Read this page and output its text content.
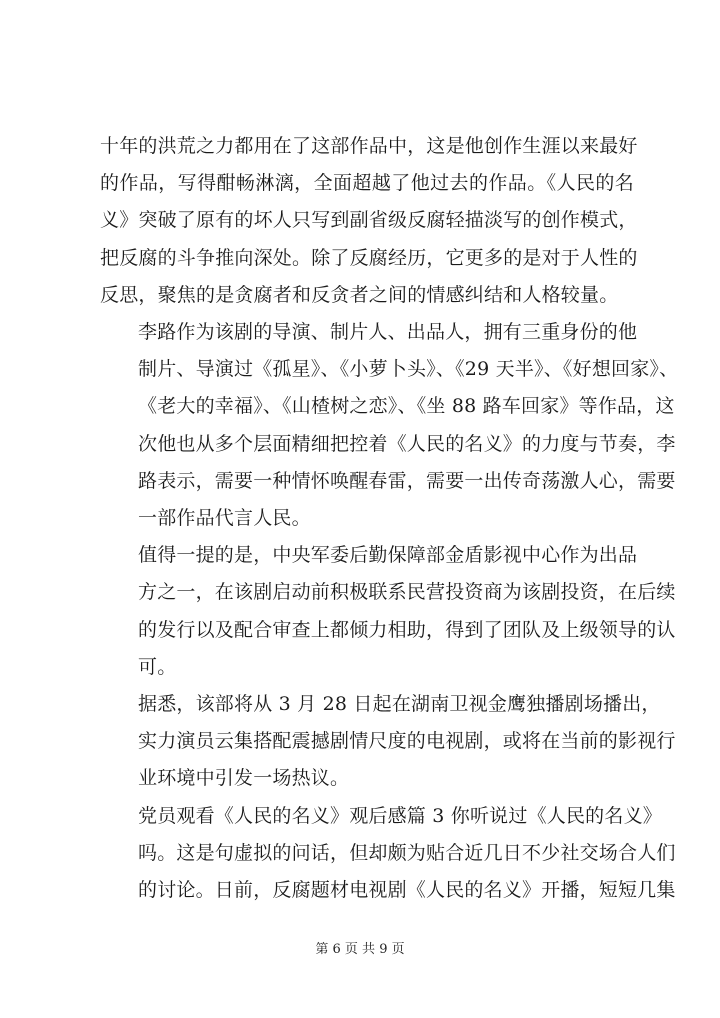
十年的洪荒之力都用在了这部作品中，这是他创作生涯以来最好
的作品，写得酣畅淋漓，全面超越了他过去的作品。《人民的名
义》突破了原有的坏人只写到副省级反腐轻描淡写的创作模式，
把反腐的斗争推向深处。除了反腐经历，它更多的是对于人性的
反思，聚焦的是贪腐者和反贪者之间的情感纠结和人格较量。

李路作为该剧的导演、制片人、出品人，拥有三重身份的他
制片、导演过《孤星》、《小萝卜头》、《29 天半》、《好想回家》、
《老大的幸福》、《山楂树之恋》、《坐 88 路车回家》等作品，这
次他也从多个层面精细把控着《人民的名义》的力度与节奏，李
路表示，需要一种情怀唤醒春雷，需要一出传奇荡激人心，需要
一部作品代言人民。

值得一提的是，中央军委后勤保障部金盾影视中心作为出品
方之一，在该剧启动前积极联系民营投资商为该剧投资，在后续
的发行以及配合审查上都倾力相助，得到了团队及上级领导的认
可。

据悉，该部将从 3 月 28 日起在湖南卫视金鹰独播剧场播出，
实力演员云集搭配震撼剧情尺度的电视剧，或将在当前的影视行
业环境中引发一场热议。

党员观看《人民的名义》观后感篇 3 你听说过《人民的名义》
吗。这是句虚拟的问话，但却颇为贴合近几日不少社交场合人们
的讨论。日前，反腐题材电视剧《人民的名义》开播，短短几集

第 6 页 共 9 页
